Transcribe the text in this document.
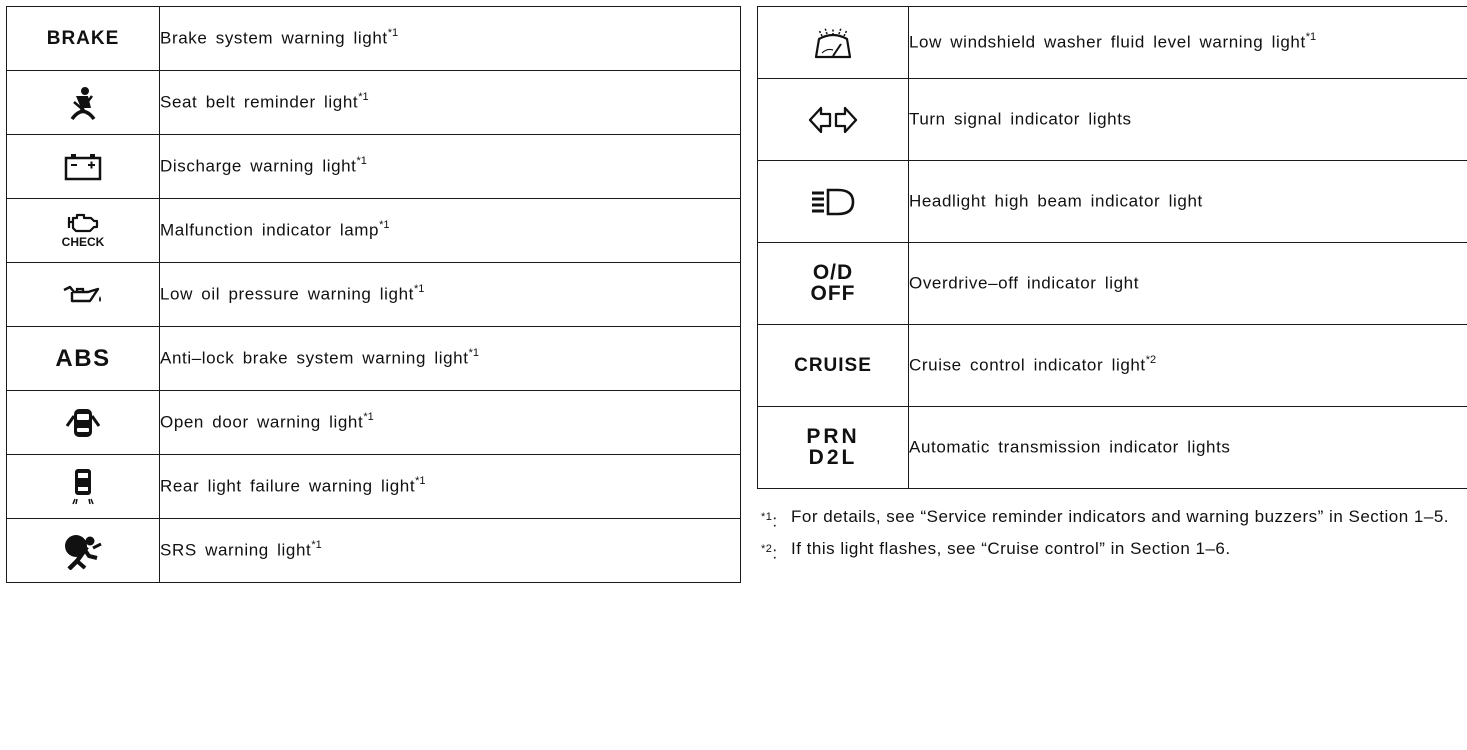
BRAKE	Brake system warning light$^{*1}$
	Seat belt reminder light$^{*1}$
	Discharge warning light$^{*1}$

CHECK	Malfunction indicator lamp$^{*1}$
	Low oil pressure warning light$^{*1}$
ABS	Anti–lock brake system warning light$^{*1}$
	Open door warning light$^{*1}$
	Rear light failure warning light$^{*1}$
	SRS warning light$^{*1}$
	Low windshield washer fluid level warning light$^{*1}$
	Turn signal indicator lights
	Headlight high beam indicator light
O/D
OFF	Overdrive–off indicator light
CRUISE	Cruise control indicator light$^{*2}$
PRN
D2L	Automatic transmission indicator lights
$^{*1}$: For details, see “Service reminder indicators and warning buzzers” in Section 1–5.
$^{*2}$: If this light flashes, see “Cruise control” in Section 1–6.
